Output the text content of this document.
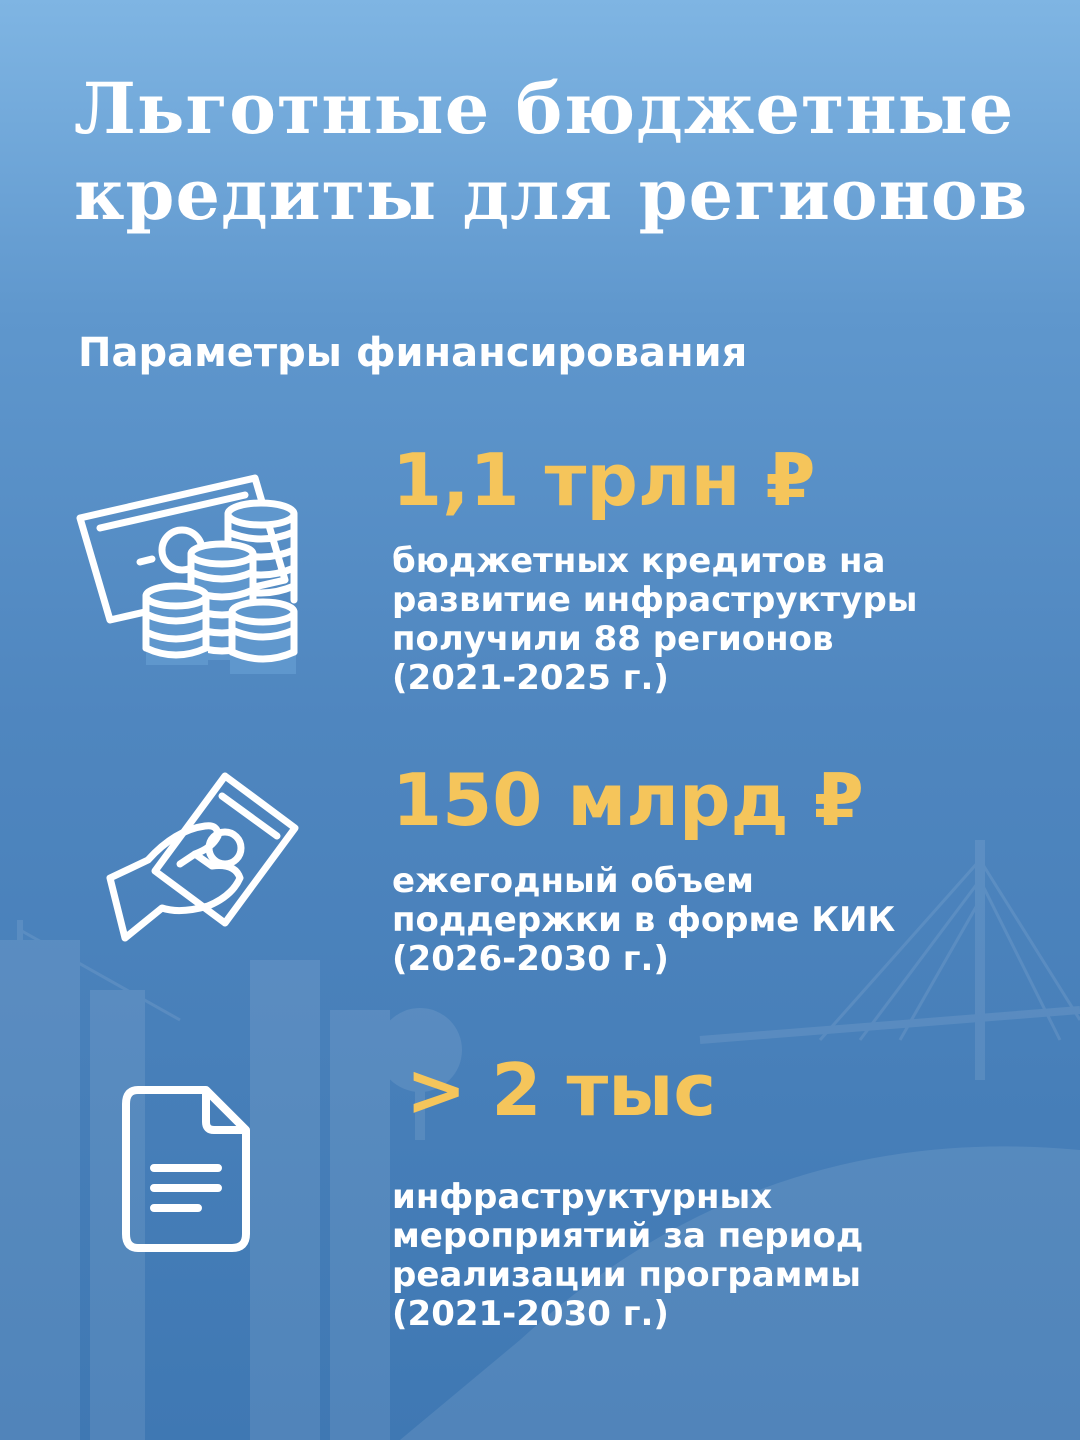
Льготные бюджетные
кредиты для регионов
Параметры финансирования
1,1 трлн ₽
бюджетных кредитов на
развитие инфраструктуры
получили 88 регионов
(2021-2025 г.)
150 млрд ₽
ежегодный объем
поддержки в форме КИК
(2026-2030 г.)
> 2 тыс
инфраструктурных
мероприятий за период
реализации программы
(2021-2030 г.)
